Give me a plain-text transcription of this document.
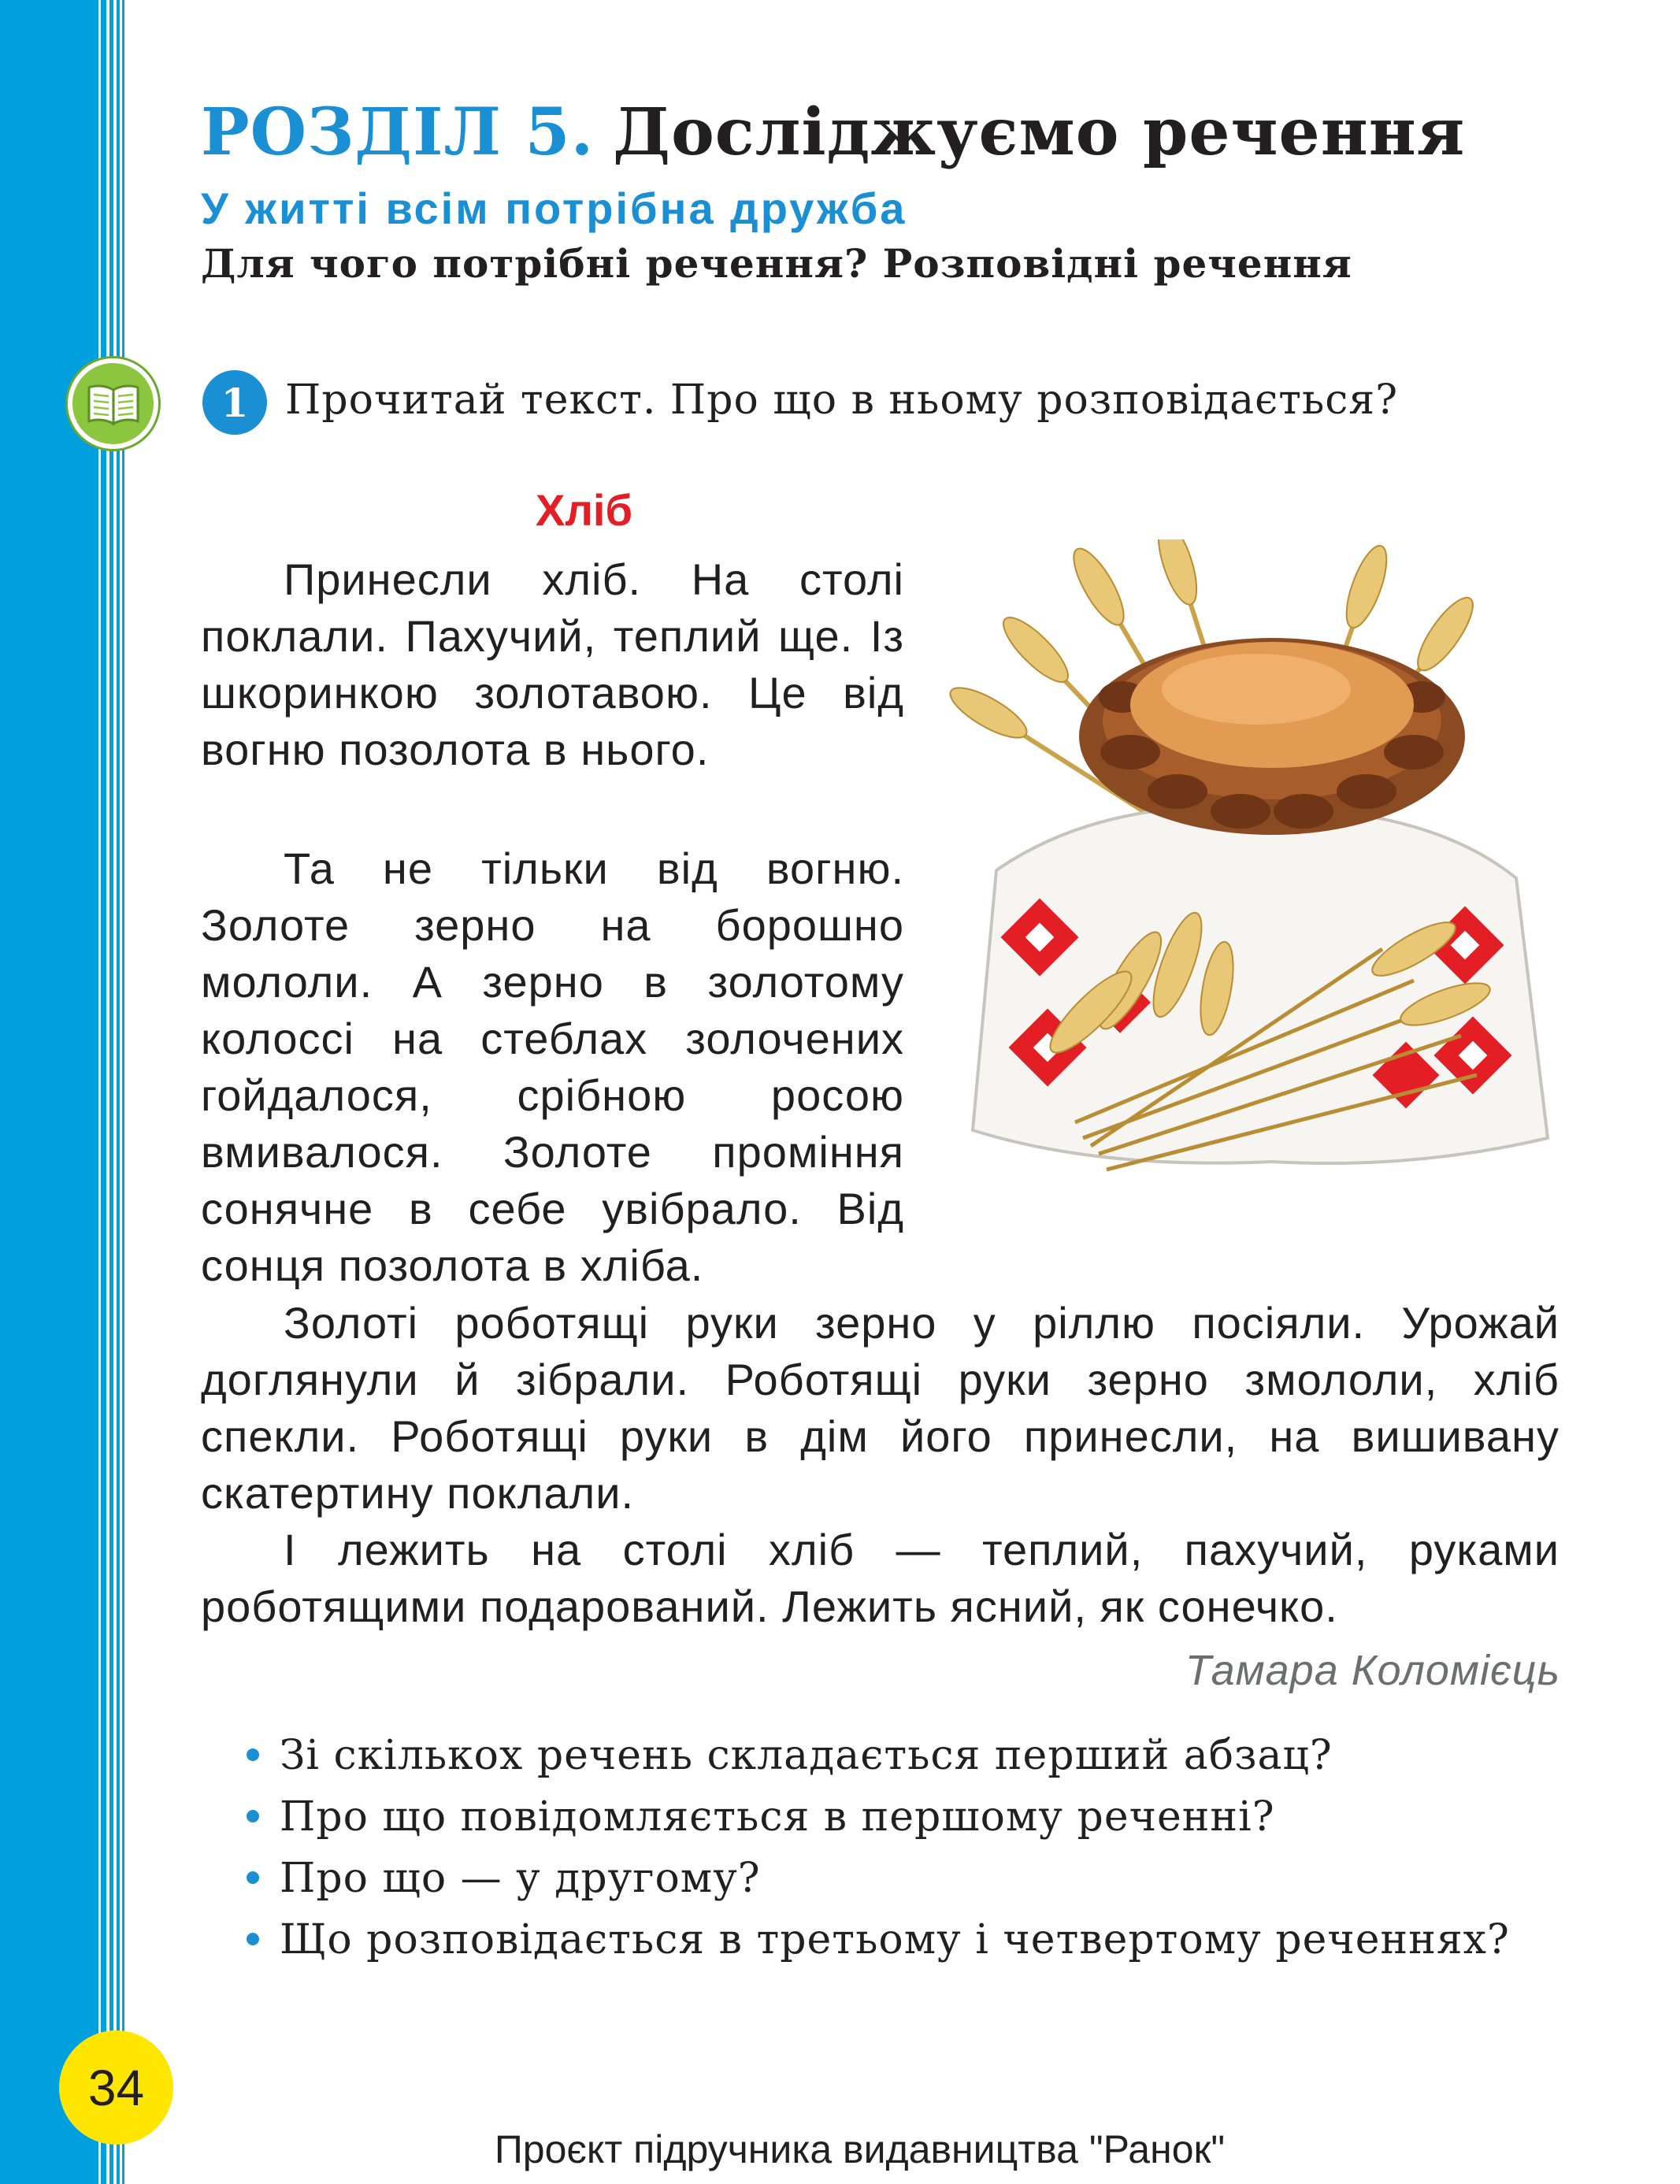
РОЗДІЛ 5. Досліджуємо речення
У житті всім потрібна дружба
Для чого потрібні речення? Розповідні речення
1 Прочитай текст. Про що в ньому розповідається?
Хліб

Принесли хліб. На столі поклали. Пахучий, теплий ще. Із шкоринкою золотавою. Це від вогню позолота в нього.

Та не тільки від вогню. Золоте зерно на борошно мололи. А зерно в золотому колоссі на стеблах золочених гойдалося, срібною росою вмивалося. Золоте проміння сонячне в себе увібрало. Від сонця позолота в хліба.

Золоті роботящі руки зерно у ріллю посіяли. Урожай доглянули й зібрали. Роботящі руки зерно змололи, хліб спекли. Роботящі руки в дім його принесли, на вишивану скатертину поклали.

І лежить на столі хліб — теплий, пахучий, руками роботящими подарований. Лежить ясний, як сонечко.

Тамара Коломієць
Зі скількох речень складається перший абзац?
Про що повідомляється в першому реченні?
Про що — у другому?
Що розповідається в третьому і четвертому реченнях?
34
Проєкт підручника видавництва "Ранок"
